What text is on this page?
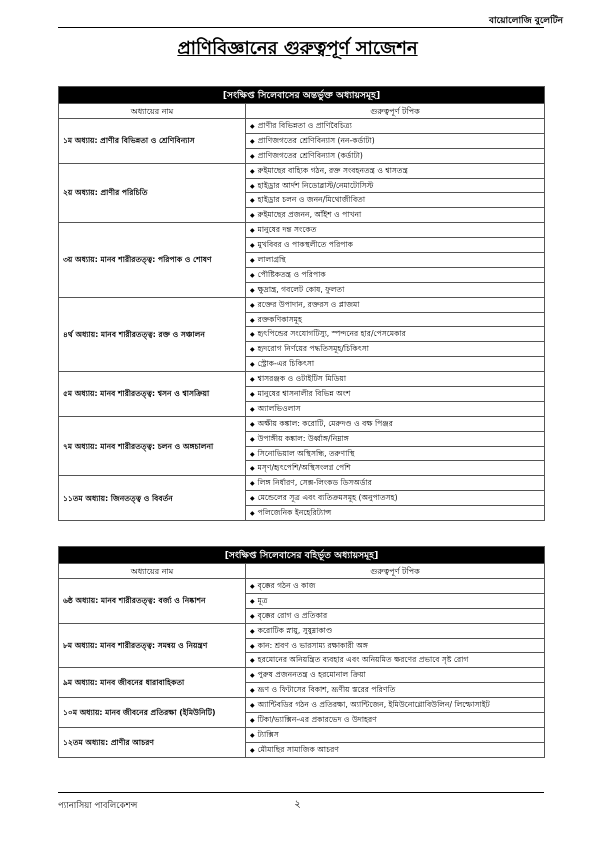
বায়োলোজি বুলেটিন
প্রাণিবিজ্ঞানের গুরুত্বপূর্ণ সাজেশন
[সংক্ষিপ্ত সিলেবাসের অন্তর্ভুক্ত অধ্যায়সমূহ]	
অধ্যায়ের নাম	গুরুত্বপূর্ণ টপিক
১ম অধ্যায়: প্রাণীর বিভিন্নতা ও শ্রেণিবিন্যাস	◆ প্রাণীর বিভিন্নতা ও প্রাণিবৈচিত্র্য
	◆ প্রাণিজগতের শ্রেণিবিন্যাস (নন-কর্ডাটা)
	◆ প্রাণিজগতের শ্রেণিবিন্যাস (কর্ডাটা)
২য় অধ্যায়: প্রাণীর পরিচিতি	◆ রুইমাছের বাহ্যিক গঠন, রক্ত সংবহনতন্ত্র ও শ্বাসতন্ত্র
	◆ হাইড্রার আর্দশ নিডোব্লাস্ট/নেমাটোসিস্ট
	◆ হাইড্রার চলন ও জনন/মিথোজীবিতা
	◆ রুইমাছের প্রজনন, আঁইশ ও পাখনা
৩য় অধ্যায়: মানব শারীরতত্ত্ব: পরিপাক ও শোষণ	◆ মানুষের দন্ত সংকেত
	◆ মুখবিবর ও পাকস্থলীতে পরিপাক
	◆ লালাগ্রন্থি
	◆ পৌষ্টিকতন্ত্র ও পরিপাক
	◆ ক্ষুদ্রান্ত্র, গবলেট কোষ, ফুলতা
৪র্থ অধ্যায়: মানব শারীরতত্ত্ব: রক্ত ও সঞ্চালন	◆ রক্তের উপাদান, রক্তরস ও প্লাজমা
	◆ রক্তকণিকাসমূহ
	◆ হৃৎপিন্ডের সংযোগটিস্যু, স্পন্দনের হার/পেসমেকার
	◆ হৃদরোগ নির্ণয়ের পদ্ধতিসমূহ/চিকিৎসা
	◆ স্ট্রোক-এর চিকিৎসা
৫ম অধ্যায়: মানব শারীরতত্ত্ব: শ্বসন ও শ্বাসক্রিয়া	◆ শ্বাসরঞ্জক ও ওটাইটিস মিডিয়া
	◆ মানুষের শ্বাসনালীর বিভিন্ন অংশ
	◆ অ্যালভিওলাস
৭ম অধ্যায়: মানব শারীরতত্ত্ব: চলন ও অঙ্গচালনা	◆ অক্ষীয় কঙ্কাল: করোটি, মেরুদণ্ড ও বক্ষ পিঞ্জর
	◆ উপাঙ্গীয় কঙ্কাল: উর্ধ্বাঙ্গ/নিম্নাঙ্গ
	◆ সিনোভিয়াল অস্থিসন্ধি, তরুণাস্থি
	◆ মসৃণ/হৃৎপেশি/অস্থিসংলগ্ন পেশি
১১তম অধ্যায়: জিনতত্ত্ব ও বিবর্তন	◆ লিঙ্গ নির্ধারণ, সেক্স-লিংকড ডিসঅর্ডার
	◆ মেন্ডেলের সূত্র এবং ব্যতিক্রমসমূহ (অনুপাতসহ)
	◆ পলিজেনিক ইনহেরিট্যান্স
[সংক্ষিপ্ত সিলেবাসের বহির্ভূত অধ্যায়সমূহ]	
অধ্যায়ের নাম	গুরুত্বপূর্ণ টপিক
৬ষ্ঠ অধ্যায়: মানব শারীরতত্ত্ব: বর্জ্য ও নিষ্কাশন	◆ বৃক্কের গঠন ও কাজ
	◆ মূত্র
	◆ বৃক্কের রোগ ও প্রতিকার
৮ম অধ্যায়: মানব শারীরতত্ত্ব: সমন্বয় ও নিয়ন্ত্রণ	◆ করোটিক স্নায়ু, সুষুম্নাকাণ্ড
	◆ কান: শ্রবণ ও ভারসাম্য রক্ষাকারী অঙ্গ
	◆ হরমোনের অনিয়ন্ত্রিত ব্যবহার এবং অনিয়মিত ক্ষরণের প্রভাবে সৃষ্ট রোগ
৯ম অধ্যায়: মানব জীবনের ধারাবাহিকতা	◆ পুরুষ প্রজননতন্ত্র ও হরমোনাল ক্রিয়া
	◆ ভ্রূণ ও ফিটাসের বিকাশ, ভ্রূণীয় স্তরের পরিণতি
১০ম অধ্যায়: মানব জীবনের প্রতিরক্ষা (ইমিউনিটি)	◆ অ্যান্টিবডির গঠন ও প্রতিরক্ষা, অ্যান্টিজেন, ইমিউনোগ্লোবিউলিন/ লিম্ফোসাইট
	◆ টিকা/ভ্যাক্সিন-এর প্রকারভেদ ও উদাহরণ
১২তম অধ্যায়: প্রাণীর আচরণ	◆ ট্যাক্সিস
	◆ মৌমাছির সামাজিক আচরণ
প্যানাসিয়া পাবলিকেশন্স	২
